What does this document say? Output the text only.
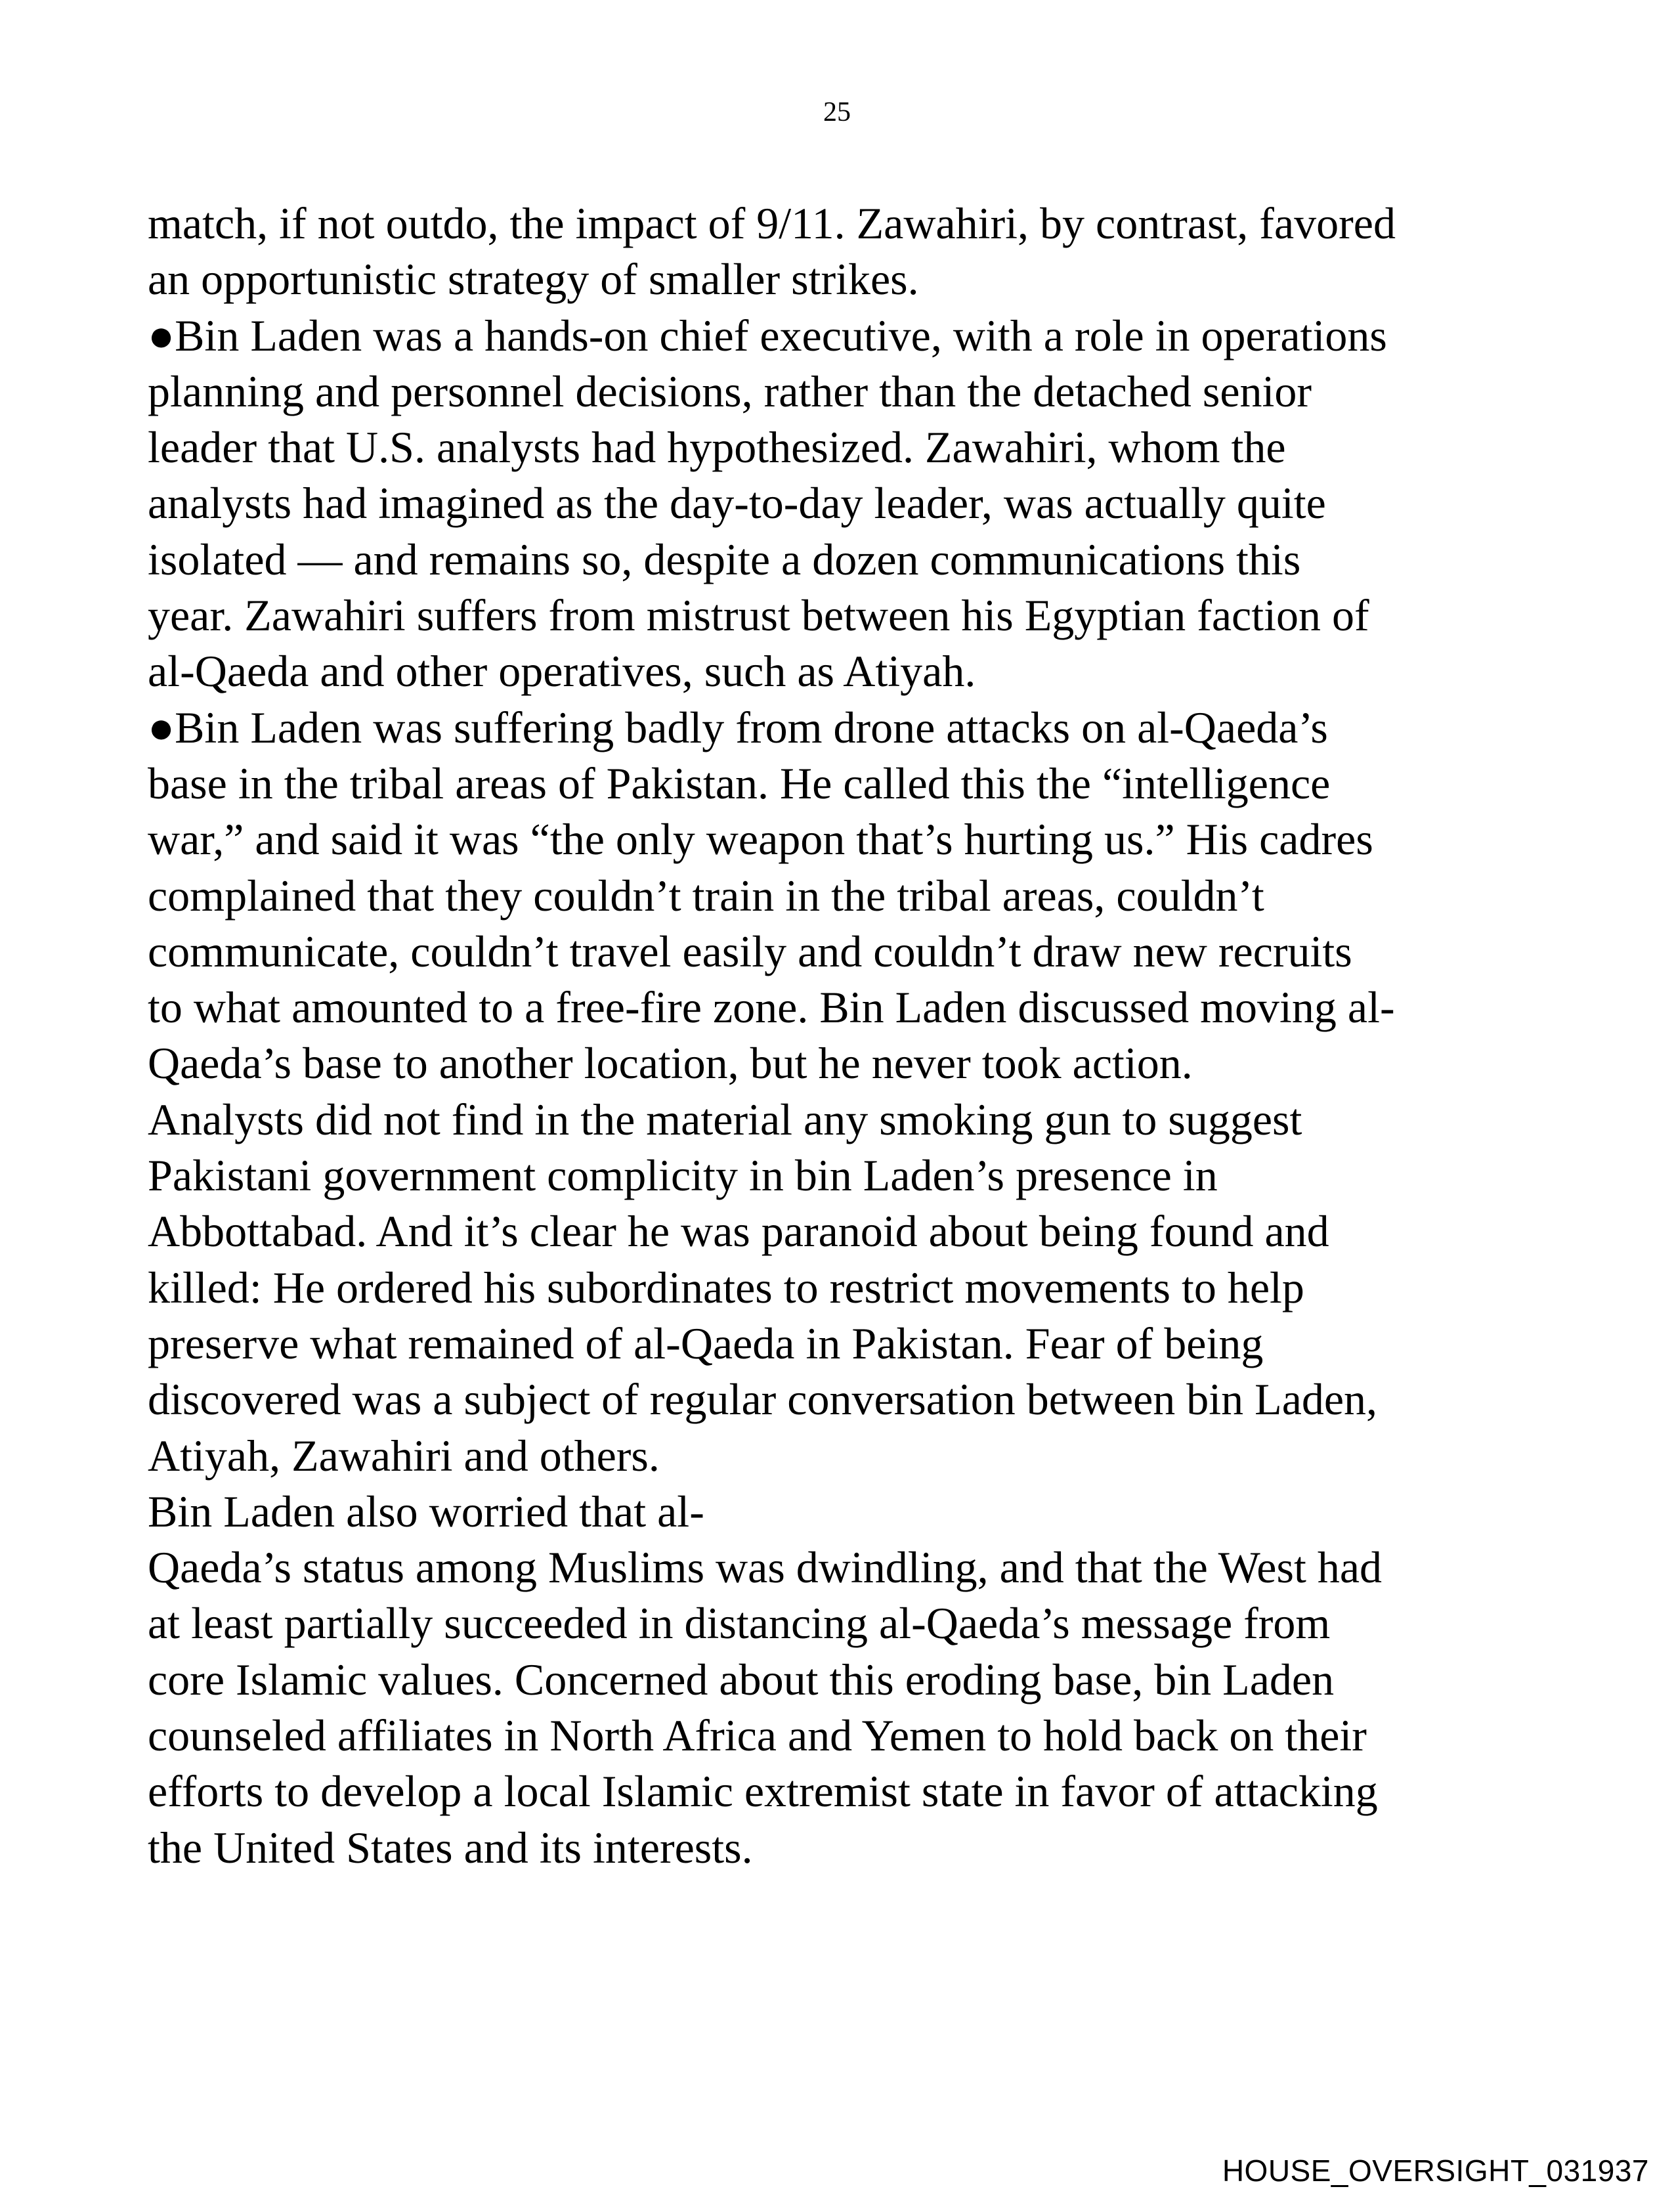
25
match, if not outdo, the impact of 9/11. Zawahiri, by contrast, favored
an opportunistic strategy of smaller strikes.
●Bin Laden was a hands-on chief executive, with a role in operations
planning and personnel decisions, rather than the detached senior
leader that U.S. analysts had hypothesized. Zawahiri, whom the
analysts had imagined as the day-to-day leader, was actually quite
isolated — and remains so, despite a dozen communications this
year. Zawahiri suffers from mistrust between his Egyptian faction of
al-Qaeda and other operatives, such as Atiyah.
●Bin Laden was suffering badly from drone attacks on al-Qaeda’s
base in the tribal areas of Pakistan. He called this the “intelligence
war,” and said it was “the only weapon that’s hurting us.” His cadres
complained that they couldn’t train in the tribal areas, couldn’t
communicate, couldn’t travel easily and couldn’t draw new recruits
to what amounted to a free-fire zone. Bin Laden discussed moving al-
Qaeda’s base to another location, but he never took action.
Analysts did not find in the material any smoking gun to suggest
Pakistani government complicity in bin Laden’s presence in
Abbottabad. And it’s clear he was paranoid about being found and
killed: He ordered his subordinates to restrict movements to help
preserve what remained of al-Qaeda in Pakistan. Fear of being
discovered was a subject of regular conversation between bin Laden,
Atiyah, Zawahiri and others.
Bin Laden also worried that al-
Qaeda’s status among Muslims was dwindling, and that the West had
at least partially succeeded in distancing al-Qaeda’s message from
core Islamic values. Concerned about this eroding base, bin Laden
counseled affiliates in North Africa and Yemen to hold back on their
efforts to develop a local Islamic extremist state in favor of attacking
the United States and its interests.
HOUSE_OVERSIGHT_031937
